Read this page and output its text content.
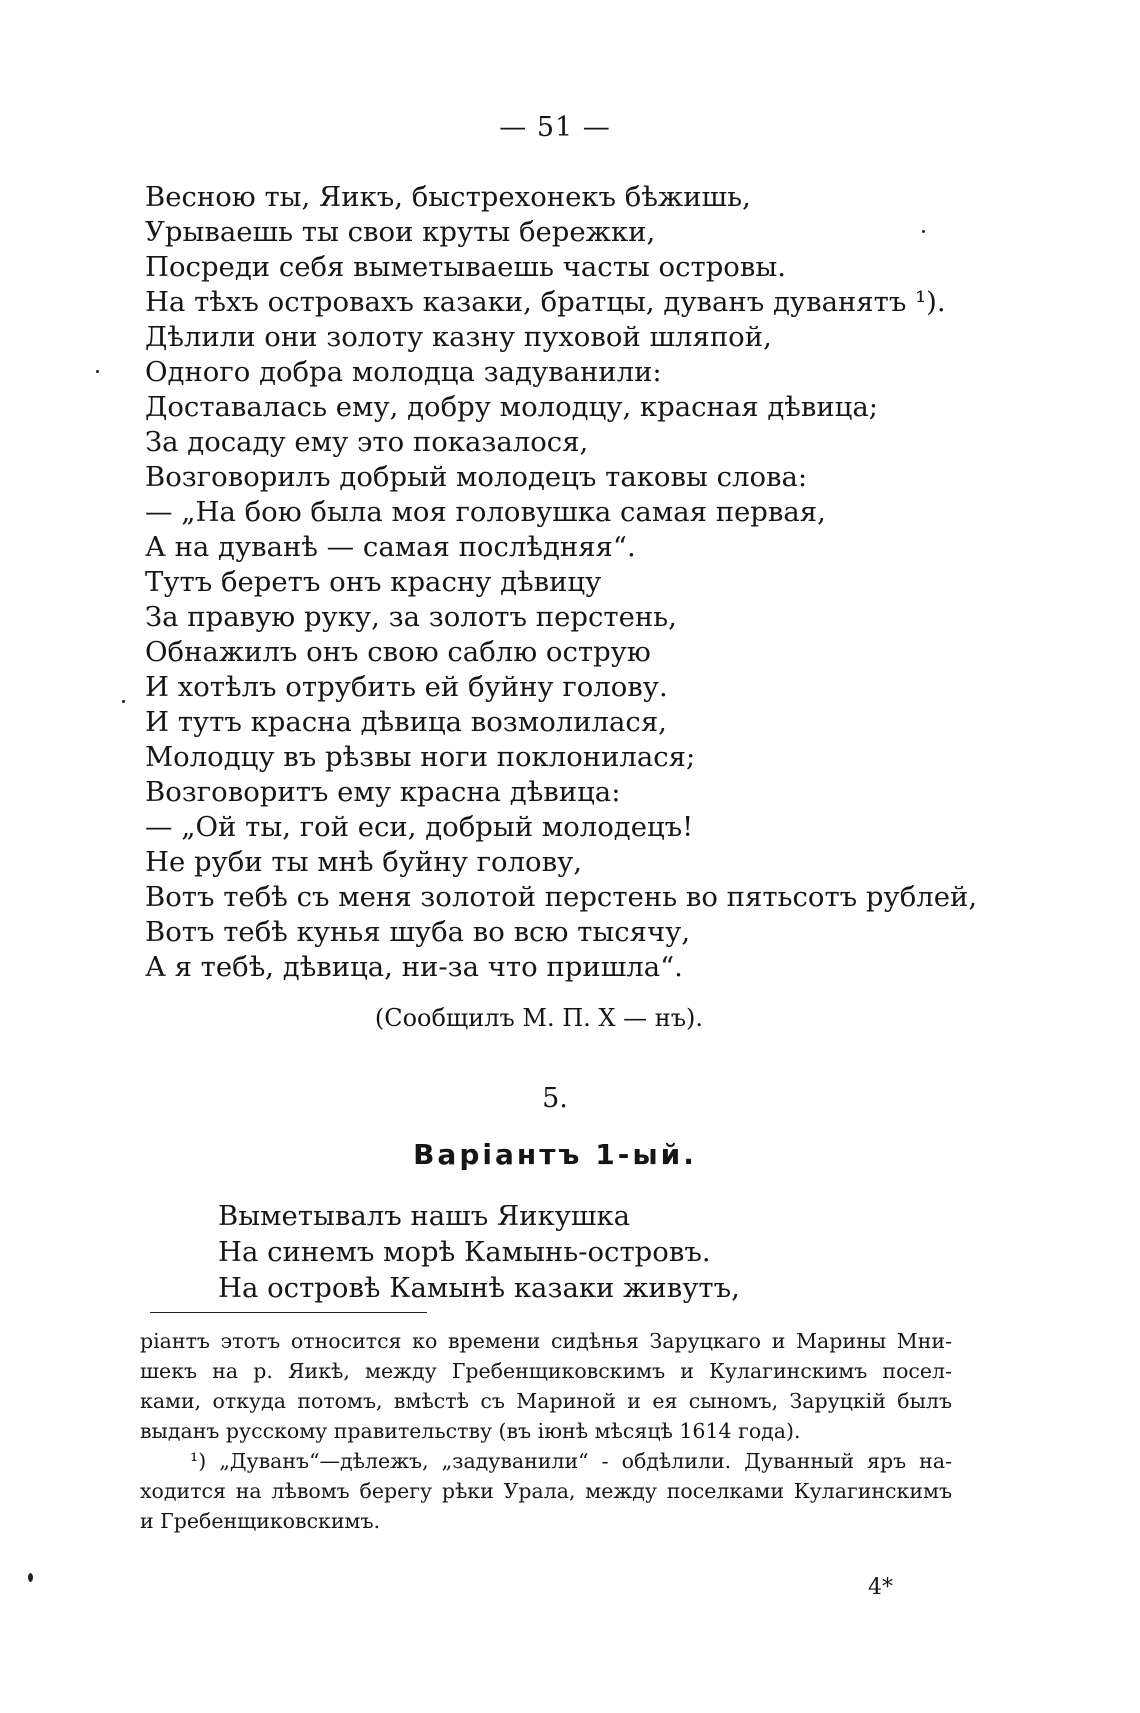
— 51 —
Весною ты, Яикъ, быстрехонекъ бѣжишь,
Урываешь ты свои круты бережки,
Посреди себя выметываешь часты островы.
На тѣхъ островахъ казаки, братцы, дуванъ дуванятъ ¹).
Дѣлили они золоту казну пуховой шляпой,
Одного добра молодца задуванили:
Доставалась ему, добру молодцу, красная дѣвица;
За досаду ему это показалося,
Возговорилъ добрый молодецъ таковы слова:
— „На бою была моя головушка самая первая,
А на дуванѣ — самая послѣдняя“.
Тутъ беретъ онъ красну дѣвицу
За правую руку, за золотъ перстень,
Обнажилъ онъ свою саблю острую
И хотѣлъ отрубить ей буйну голову.
И тутъ красна дѣвица возмолилася,
Молодцу въ рѣзвы ноги поклонилася;
Возговоритъ ему красна дѣвица:
— „Ой ты, гой еси, добрый молодецъ!
Не руби ты мнѣ буйну голову,
Вотъ тебѣ съ меня золотой перстень во пятьсотъ рублей,
Вотъ тебѣ кунья шуба во всю тысячу,
А я тебѣ, дѣвица, ни-за что пришла“.
(Сообщилъ М. П. Х — нъ).
5.
Варіантъ 1-ый.
Выметывалъ нашъ Яикушка
На синемъ морѣ Камынь-островъ.
На островѣ Камынѣ казаки живутъ,
ріантъ этотъ относится ко времени сидѣнья Заруцкаго и Марины Мни-
шекъ на р. Яикѣ, между Гребенщиковскимъ и Кулагинскимъ посел-
ками, откуда потомъ, вмѣстѣ съ Мариной и ея сыномъ, Заруцкій былъ
выданъ русскому правительству (въ іюнѣ мѣсяцѣ 1614 года).
¹) „Дуванъ“—дѣлежъ, „задуванили“ - обдѣлили. Дуванный яръ на-
ходится на лѣвомъ берегу рѣки Урала, между поселками Кулагинскимъ
и Гребенщиковскимъ.
4*
